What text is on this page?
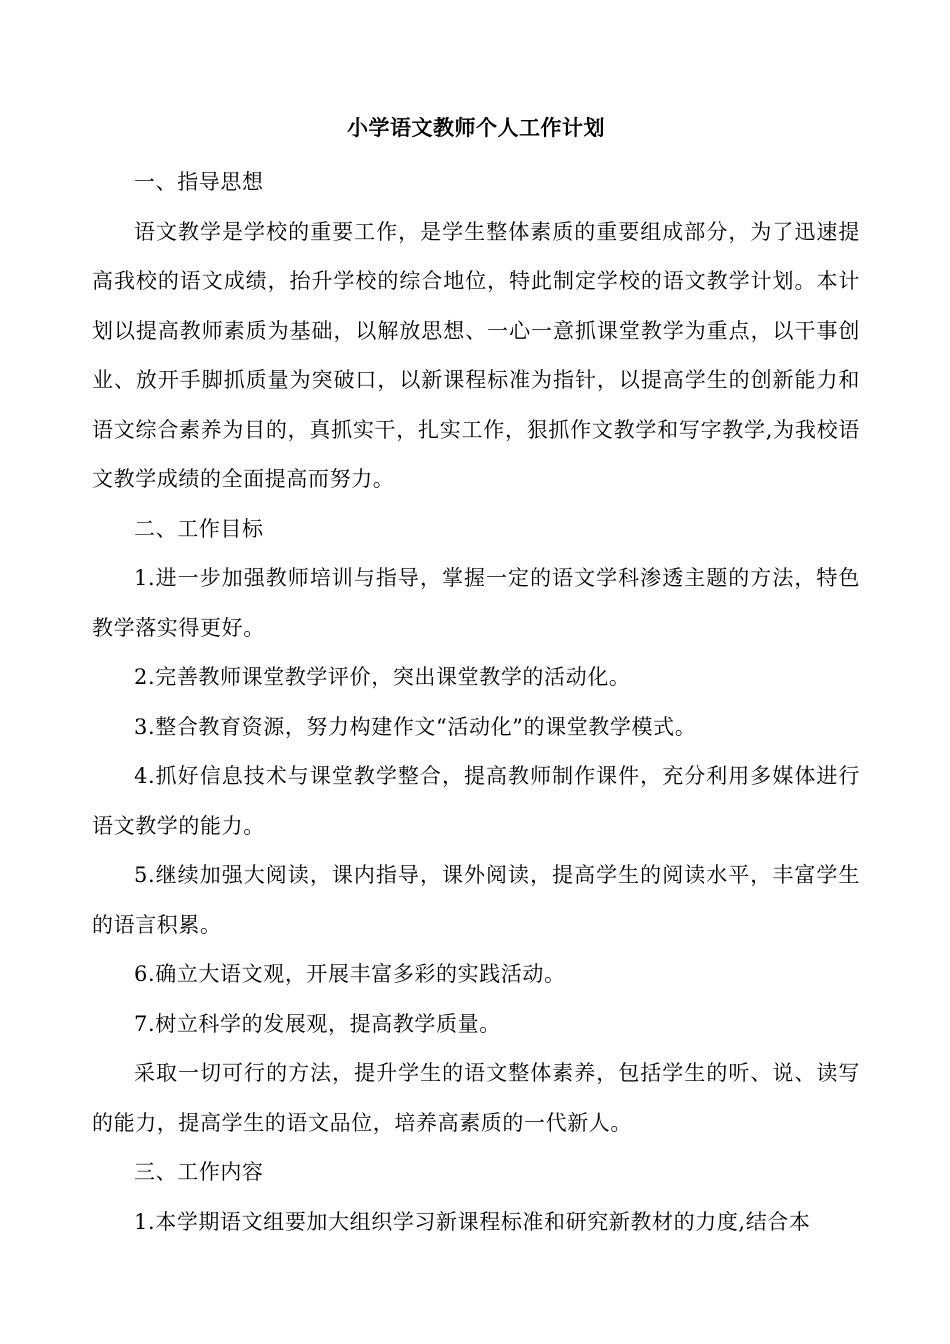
小学语文教师个人工作计划

一、指导思想

语文教学是学校的重要工作，是学生整体素质的重要组成部分，为了迅速提高我校的语文成绩，抬升学校的综合地位，特此制定学校的语文教学计划。本计划以提高教师素质为基础，以解放思想、一心一意抓课堂教学为重点，以干事创业、放开手脚抓质量为突破口，以新课程标准为指针，以提高学生的创新能力和语文综合素养为目的，真抓实干，扎实工作，狠抓作文教学和写字教学,为我校语文教学成绩的全面提高而努力。

二、工作目标

1.进一步加强教师培训与指导，掌握一定的语文学科渗透主题的方法，特色教学落实得更好。

2.完善教师课堂教学评价，突出课堂教学的活动化。

3.整合教育资源，努力构建作文“活动化”的课堂教学模式。

4.抓好信息技术与课堂教学整合，提高教师制作课件，充分利用多媒体进行语文教学的能力。

5.继续加强大阅读，课内指导，课外阅读，提高学生的阅读水平，丰富学生的语言积累。

6.确立大语文观，开展丰富多彩的实践活动。

7.树立科学的发展观，提高教学质量。

采取一切可行的方法，提升学生的语文整体素养，包括学生的听、说、读写的能力，提高学生的语文品位，培养高素质的一代新人。

三、工作内容

1.本学期语文组要加大组织学习新课程标准和研究新教材的力度,结合本
